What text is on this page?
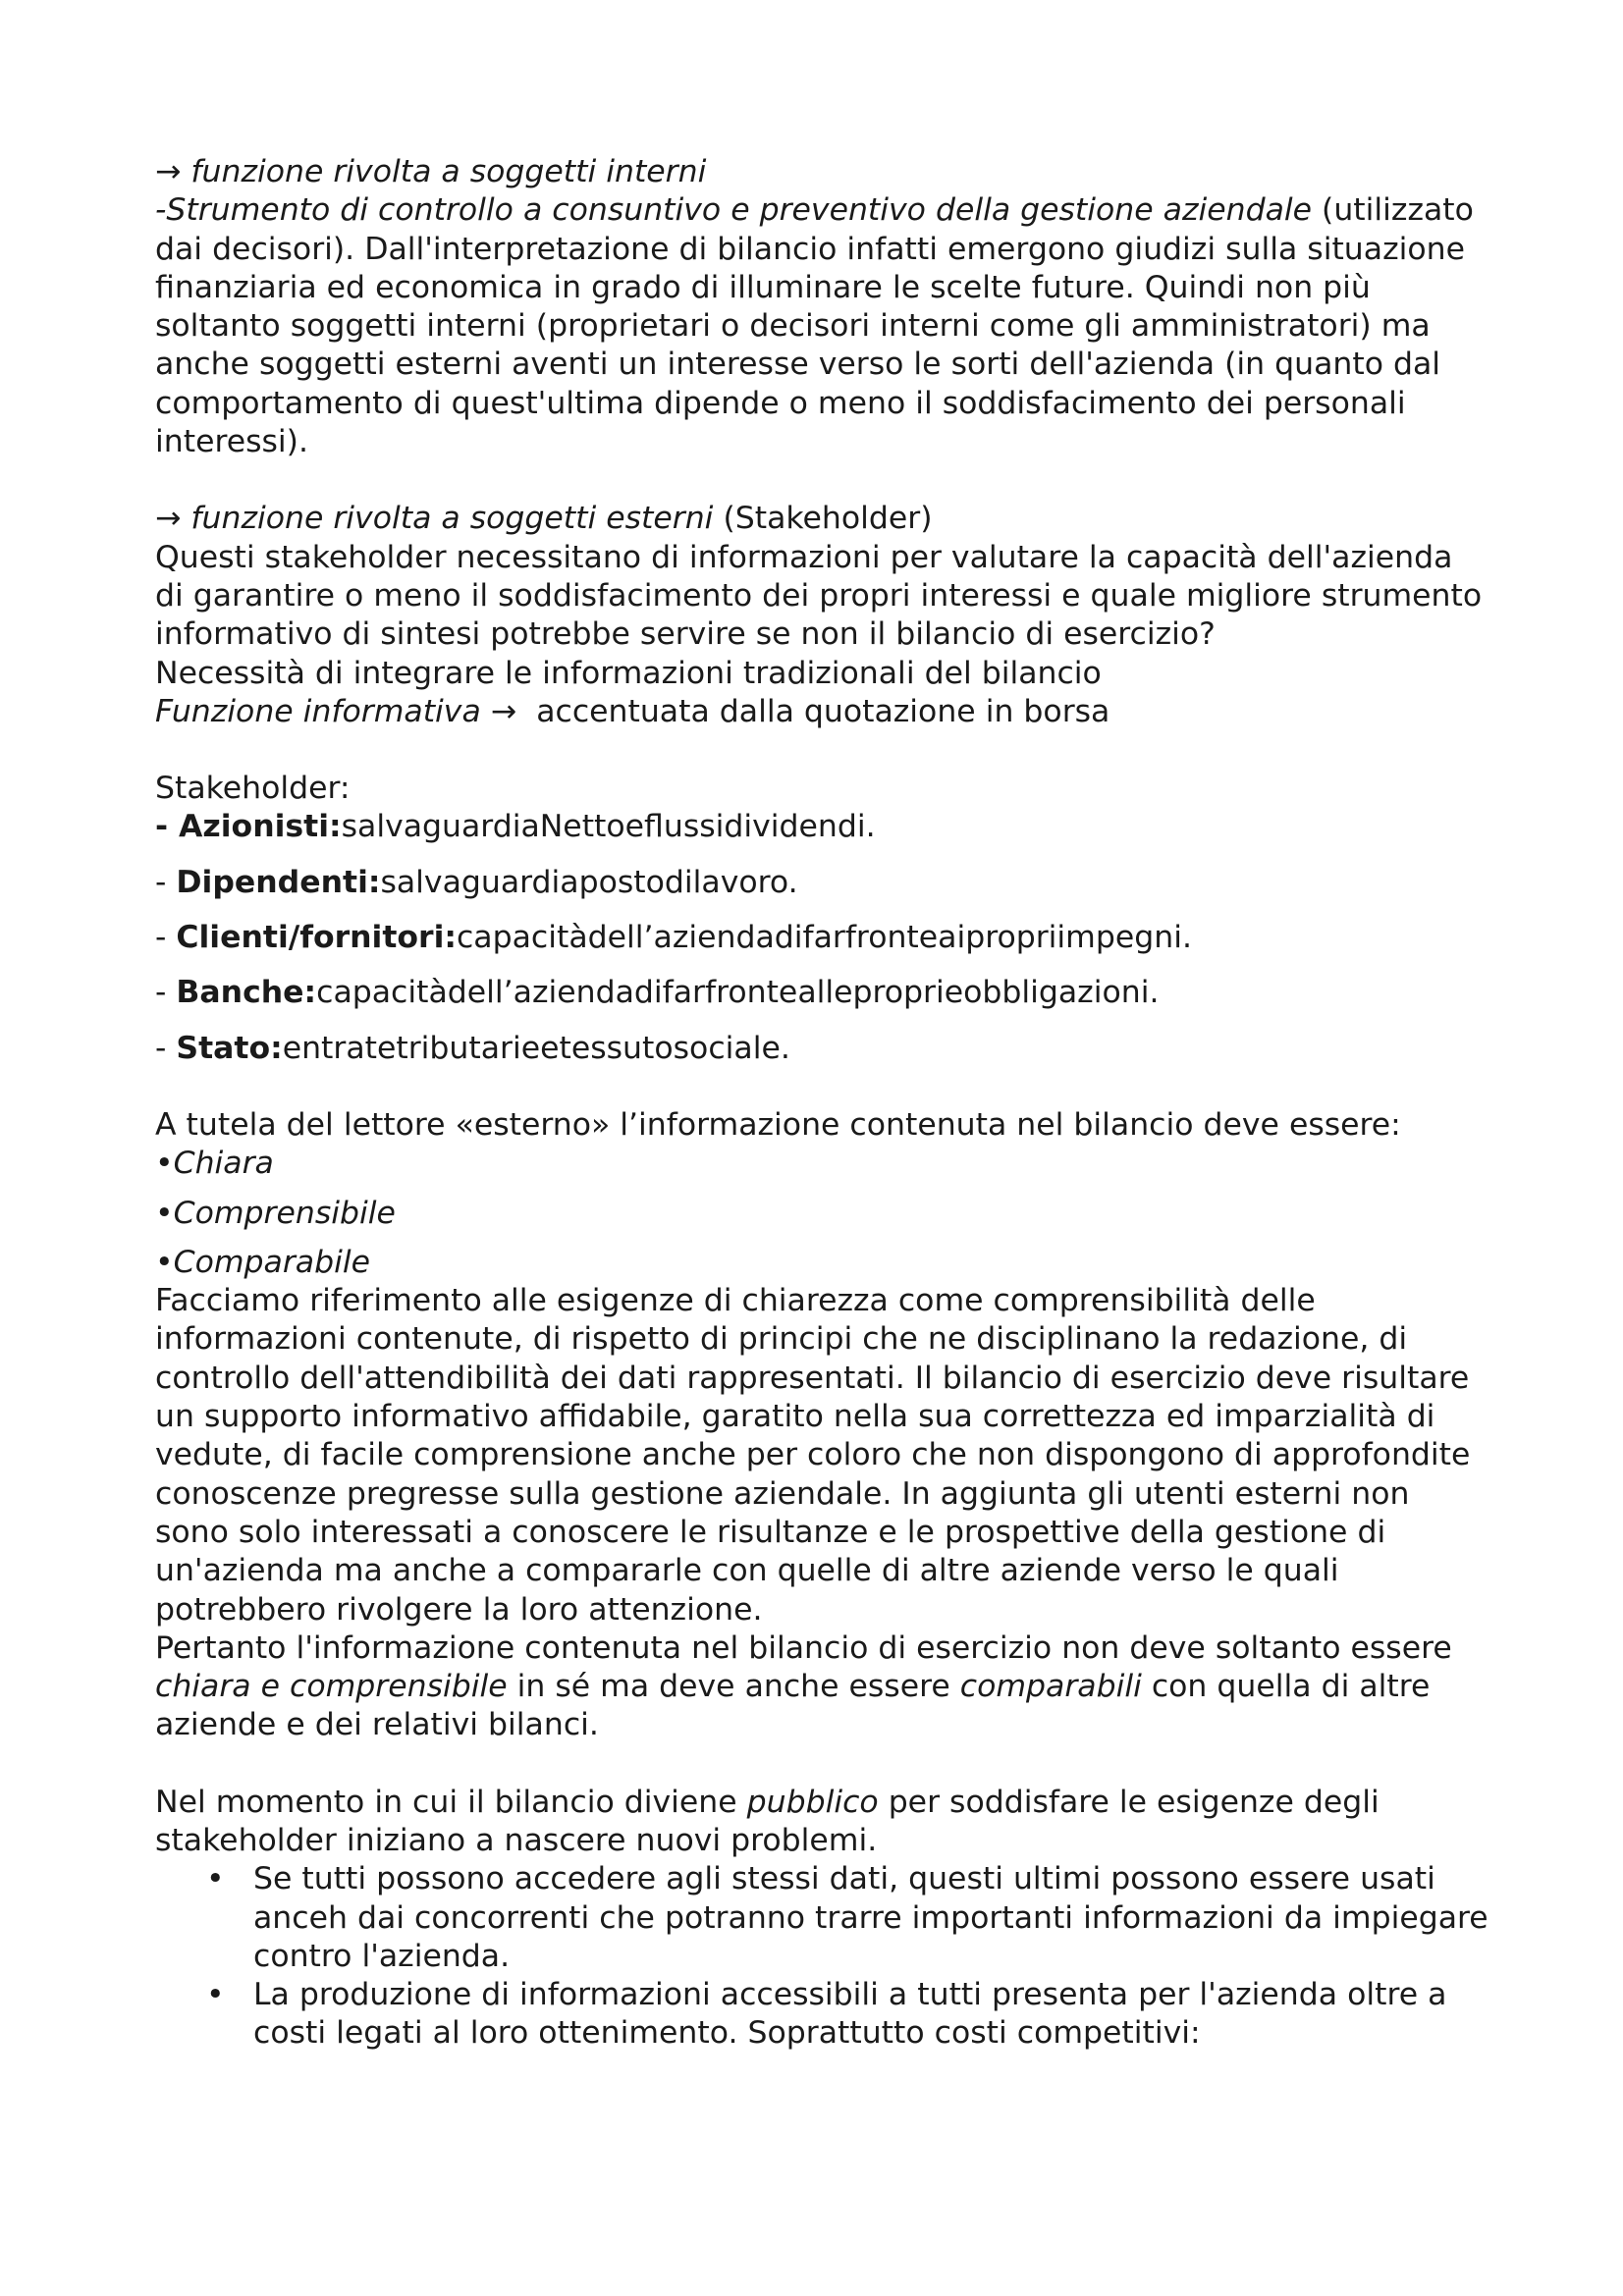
→ funzione rivolta a soggetti interni
-Strumento di controllo a consuntivo e preventivo della gestione aziendale (utilizzato dai decisori). Dall'interpretazione di bilancio infatti emergono giudizi sulla situazione finanziaria ed economica in grado di illuminare le scelte future. Quindi non più soltanto soggetti interni (proprietari o decisori interni come gli amministratori) ma anche soggetti esterni aventi un interesse verso le sorti dell'azienda (in quanto dal comportamento di quest'ultima dipende o meno il soddisfacimento dei personali interessi).
→ funzione rivolta a soggetti esterni (Stakeholder)
Questi stakeholder necessitano di informazioni per valutare la capacità dell'azienda di garantire o meno il soddisfacimento dei propri interessi e quale migliore strumento informativo di sintesi potrebbe servire se non il bilancio di esercizio?
Necessità di integrare le informazioni tradizionali del bilancio
Funzione informativa → accentuata dalla quotazione in borsa
Stakeholder:
- Azionisti:salvaguardiaNettoeflussidividendi.
- Dipendenti:salvaguardiapostodilavoro.
- Clienti/fornitori:capacitàdell’aziendadifarfronteaipropriimpegni.
- Banche:capacitàdell’aziendadifarfrontealleproprieobbligazioni.
- Stato:entratetributarieetessutosociale.
A tutela del lettore «esterno» l’informazione contenuta nel bilancio deve essere:
•Chiara
•Comprensibile
•Comparabile
Facciamo riferimento alle esigenze di chiarezza come comprensibilità delle informazioni contenute, di rispetto di principi che ne disciplinano la redazione, di controllo dell'attendibilità dei dati rappresentati. Il bilancio di esercizio deve risultare un supporto informativo affidabile, garatito nella sua correttezza ed imparzialità di vedute, di facile comprensione anche per coloro che non dispongono di approfondite conoscenze pregresse sulla gestione aziendale. In aggiunta gli utenti esterni non sono solo interessati a conoscere le risultanze e le prospettive della gestione di un'azienda ma anche a compararle con quelle di altre aziende verso le quali potrebbero rivolgere la loro attenzione.
Pertanto l'informazione contenuta nel bilancio di esercizio non deve soltanto essere chiara e comprensibile in sé ma deve anche essere comparabili con quella di altre aziende e dei relativi bilanci.
Nel momento in cui il bilancio diviene pubblico per soddisfare le esigenze degli stakeholder iniziano a nascere nuovi problemi.
• Se tutti possono accedere agli stessi dati, questi ultimi possono essere usati anceh dai concorrenti che potranno trarre importanti informazioni da impiegare contro l'azienda.
• La produzione di informazioni accessibili a tutti presenta per l'azienda oltre a costi legati al loro ottenimento. Soprattutto costi competitivi:
